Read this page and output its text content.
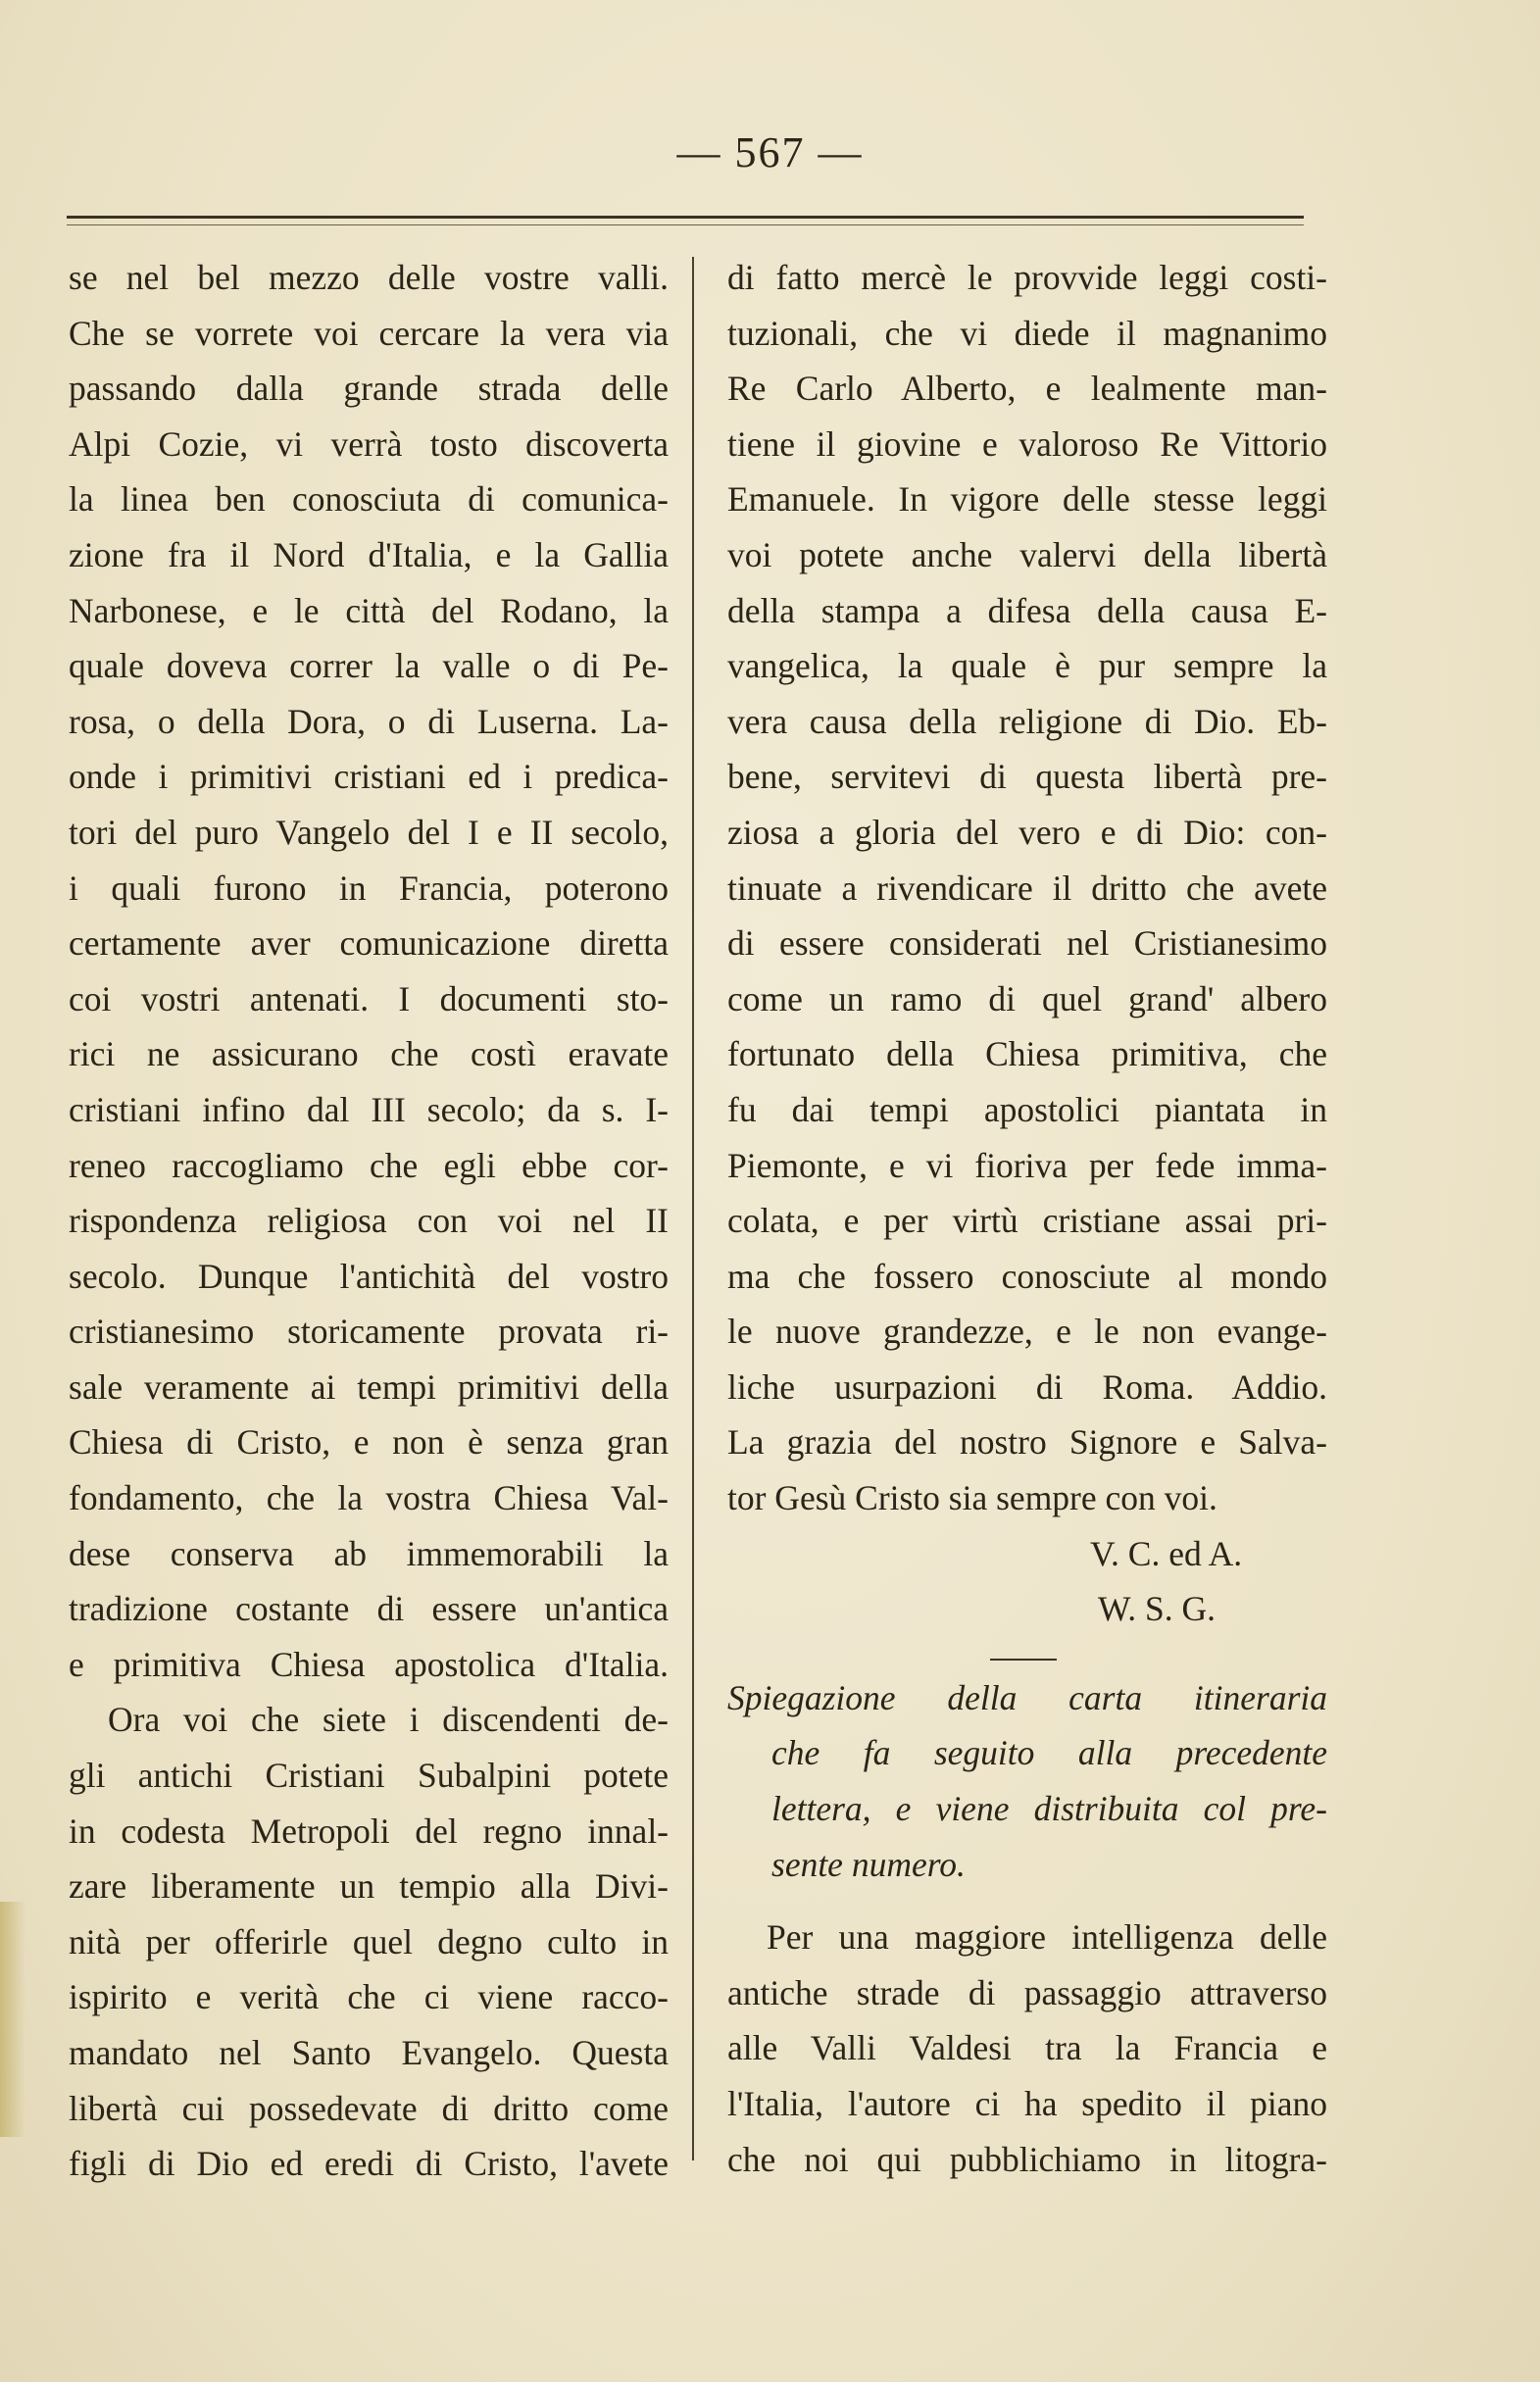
— 567 —
se nel bel mezzo delle vostre valli.
Che se vorrete voi cercare la vera via
passando dalla grande strada delle
Alpi Cozie, vi verrà tosto discoverta
la linea ben conosciuta di comunica-
zione fra il Nord d'Italia, e la Gallia
Narbonese, e le città del Rodano, la
quale doveva correr la valle o di Pe-
rosa, o della Dora, o di Luserna. La-
onde i primitivi cristiani ed i predica-
tori del puro Vangelo del I e II secolo,
i quali furono in Francia, poterono
certamente aver comunicazione diretta
coi vostri antenati. I documenti sto-
rici ne assicurano che costì eravate
cristiani infino dal III secolo; da s. I-
reneo raccogliamo che egli ebbe cor-
rispondenza religiosa con voi nel II
secolo. Dunque l'antichità del vostro
cristianesimo storicamente provata ri-
sale veramente ai tempi primitivi della
Chiesa di Cristo, e non è senza gran
fondamento, che la vostra Chiesa Val-
dese conserva ab immemorabili la
tradizione costante di essere un'antica
e primitiva Chiesa apostolica d'Italia.
Ora voi che siete i discendenti de-
gli antichi Cristiani Subalpini potete
in codesta Metropoli del regno innal-
zare liberamente un tempio alla Divi-
nità per offerirle quel degno culto in
ispirito e verità che ci viene racco-
mandato nel Santo Evangelo. Questa
libertà cui possedevate di dritto come
figli di Dio ed eredi di Cristo, l'avete
di fatto mercè le provvide leggi costi-
tuzionali, che vi diede il magnanimo
Re Carlo Alberto, e lealmente man-
tiene il giovine e valoroso Re Vittorio
Emanuele. In vigore delle stesse leggi
voi potete anche valervi della libertà
della stampa a difesa della causa E-
vangelica, la quale è pur sempre la
vera causa della religione di Dio. Eb-
bene, servitevi di questa libertà pre-
ziosa a gloria del vero e di Dio: con-
tinuate a rivendicare il dritto che avete
di essere considerati nel Cristianesimo
come un ramo di quel grand' albero
fortunato della Chiesa primitiva, che
fu dai tempi apostolici piantata in
Piemonte, e vi fioriva per fede imma-
colata, e per virtù cristiane assai pri-
ma che fossero conosciute al mondo
le nuove grandezze, e le non evange-
liche usurpazioni di Roma. Addio.
La grazia del nostro Signore e Salva-
tor Gesù Cristo sia sempre con voi.
V. C. ed A.
W. S. G.
Spiegazione della carta itineraria
che fa seguito alla precedente
lettera, e viene distribuita col pre-
sente numero.
Per una maggiore intelligenza delle
antiche strade di passaggio attraverso
alle Valli Valdesi tra la Francia e
l'Italia, l'autore ci ha spedito il piano
che noi qui pubblichiamo in litogra-
